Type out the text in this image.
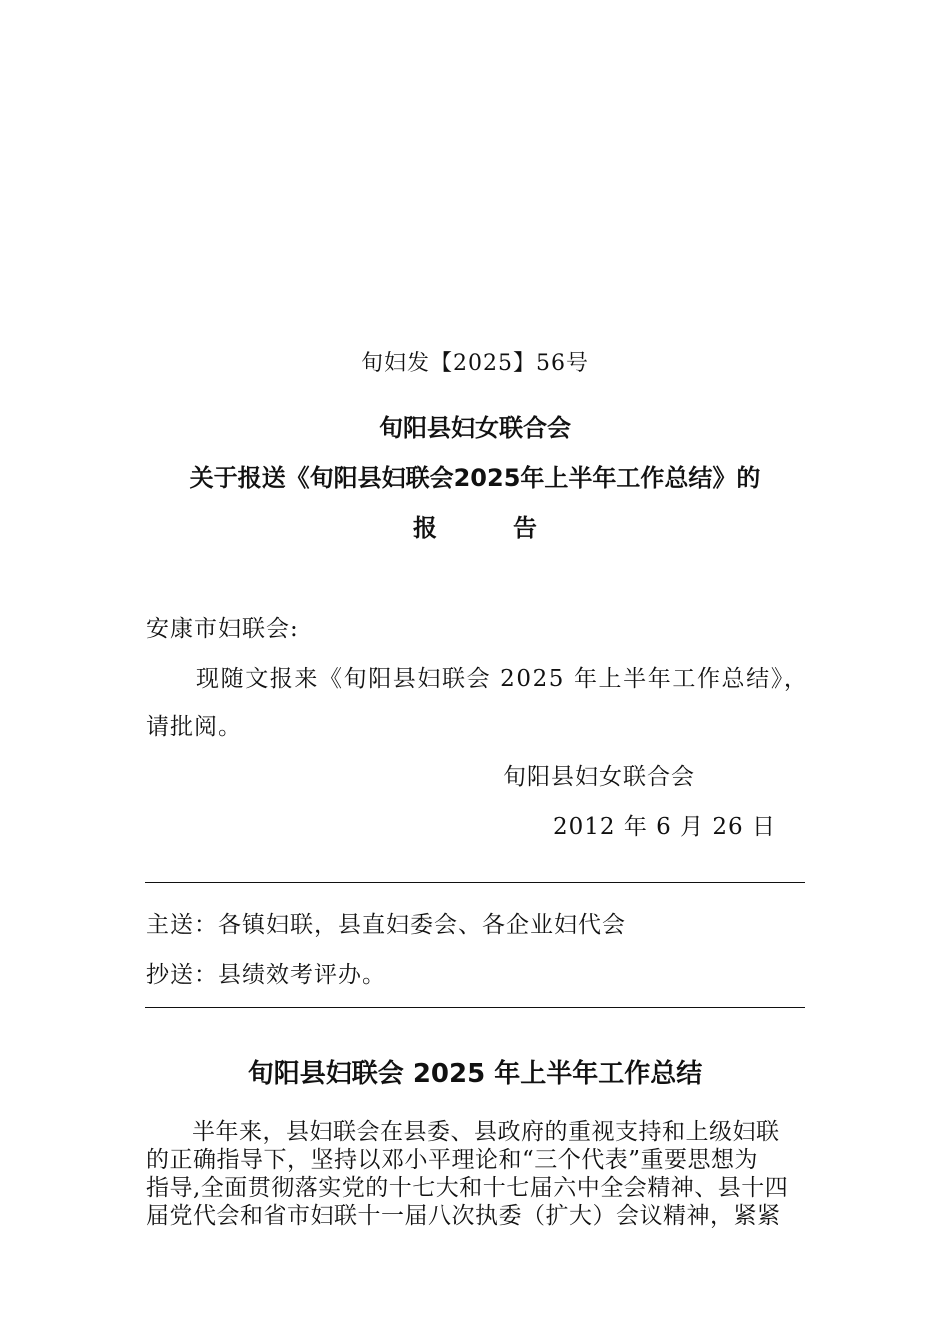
旬妇发【2025】56号
旬阳县妇女联合会
关于报送《旬阳县妇联会2025年上半年工作总结》的
报	告
安康市妇联会:
现随文报来《旬阳县妇联会 2025 年上半年工作总结》，
请批阅。
旬阳县妇女联合会
2012 年 6 月 26 日
主送：各镇妇联，县直妇委会、各企业妇代会
抄送：县绩效考评办。
旬阳县妇联会 2025 年上半年工作总结
半年来，县妇联会在县委、县政府的重视支持和上级妇联
的正确指导下，坚持以邓小平理论和“三个代表”重要思想为
指导,全面贯彻落实党的十七大和十七届六中全会精神、县十四
届党代会和省市妇联十一届八次执委（扩大）会议精神，紧紧
